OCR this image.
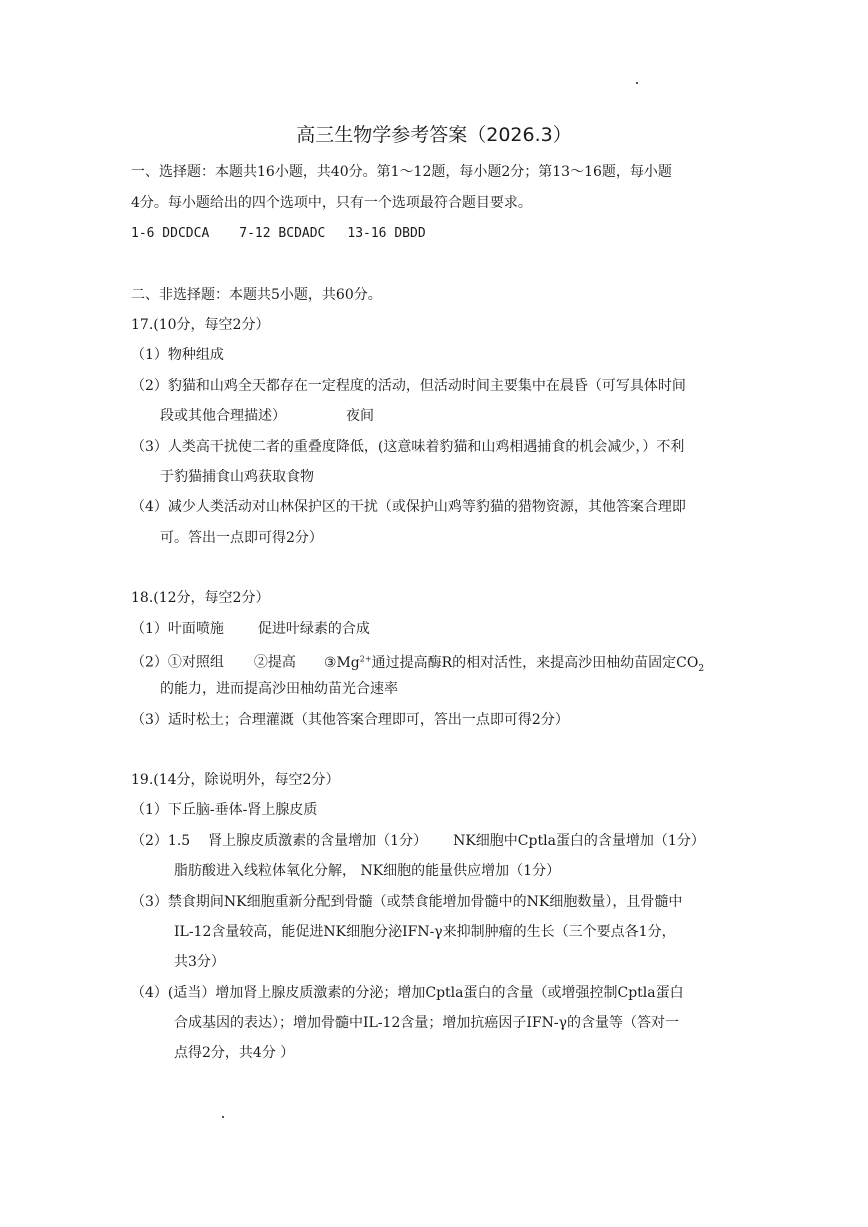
高三生物学参考答案（2026.3）
一、选择题：本题共16小题，共40分。第1～12题，每小题2分；第13～16题，每小题
4分。每小题给出的四个选项中，只有一个选项最符合题目要求。
1-6 DDCDCA 7-12 BCDADC 13-16 DBDD
二、非选择题：本题共5小题，共60分。
17.(10分，每空2分）
（1）物种组成
（2）豹猫和山鸡全天都存在一定程度的活动，但活动时间主要集中在晨昏（可写具体时间
段或其他合理描述）	夜间
（3）人类高干扰使二者的重叠度降低，(这意味着豹猫和山鸡相遇捕食的机会减少，）不利
于豹猫捕食山鸡获取食物
（4）减少人类活动对山林保护区的干扰（或保护山鸡等豹猫的猎物资源，其他答案合理即
可。答出一点即可得2分）
18.(12分，每空2分）
（1）叶面喷施 促进叶绿素的合成
（2）①对照组 ②提高 $③Mg^{2+}$通过提高酶R的相对活性，来提高沙田柚幼苗固定$CO_2$
的能力，进而提高沙田柚幼苗光合速率
（3）适时松土；合理灌溉（其他答案合理即可，答出一点即可得2分）
19.(14分，除说明外，每空2分）
（1）下丘脑-垂体-肾上腺皮质
（2）1.5 肾上腺皮质激素的含量增加（1分） NK细胞中Cptla蛋白的含量增加（1分）
脂肪酸进入线粒体氧化分解， NK细胞的能量供应增加（1分）
（3）禁食期间NK细胞重新分配到骨髓（或禁食能增加骨髓中的NK细胞数量），且骨髓中
IL-12含量较高，能促进NK细胞分泌IFN-γ来抑制肿瘤的生长（三个要点各1分，
共3分）
（4）(适当）增加肾上腺皮质激素的分泌；增加Cptla蛋白的含量（或增强控制Cptla蛋白
合成基因的表达）；增加骨髓中IL-12含量；增加抗癌因子IFN-γ的含量等（答对一
点得2分，共4分 ）
